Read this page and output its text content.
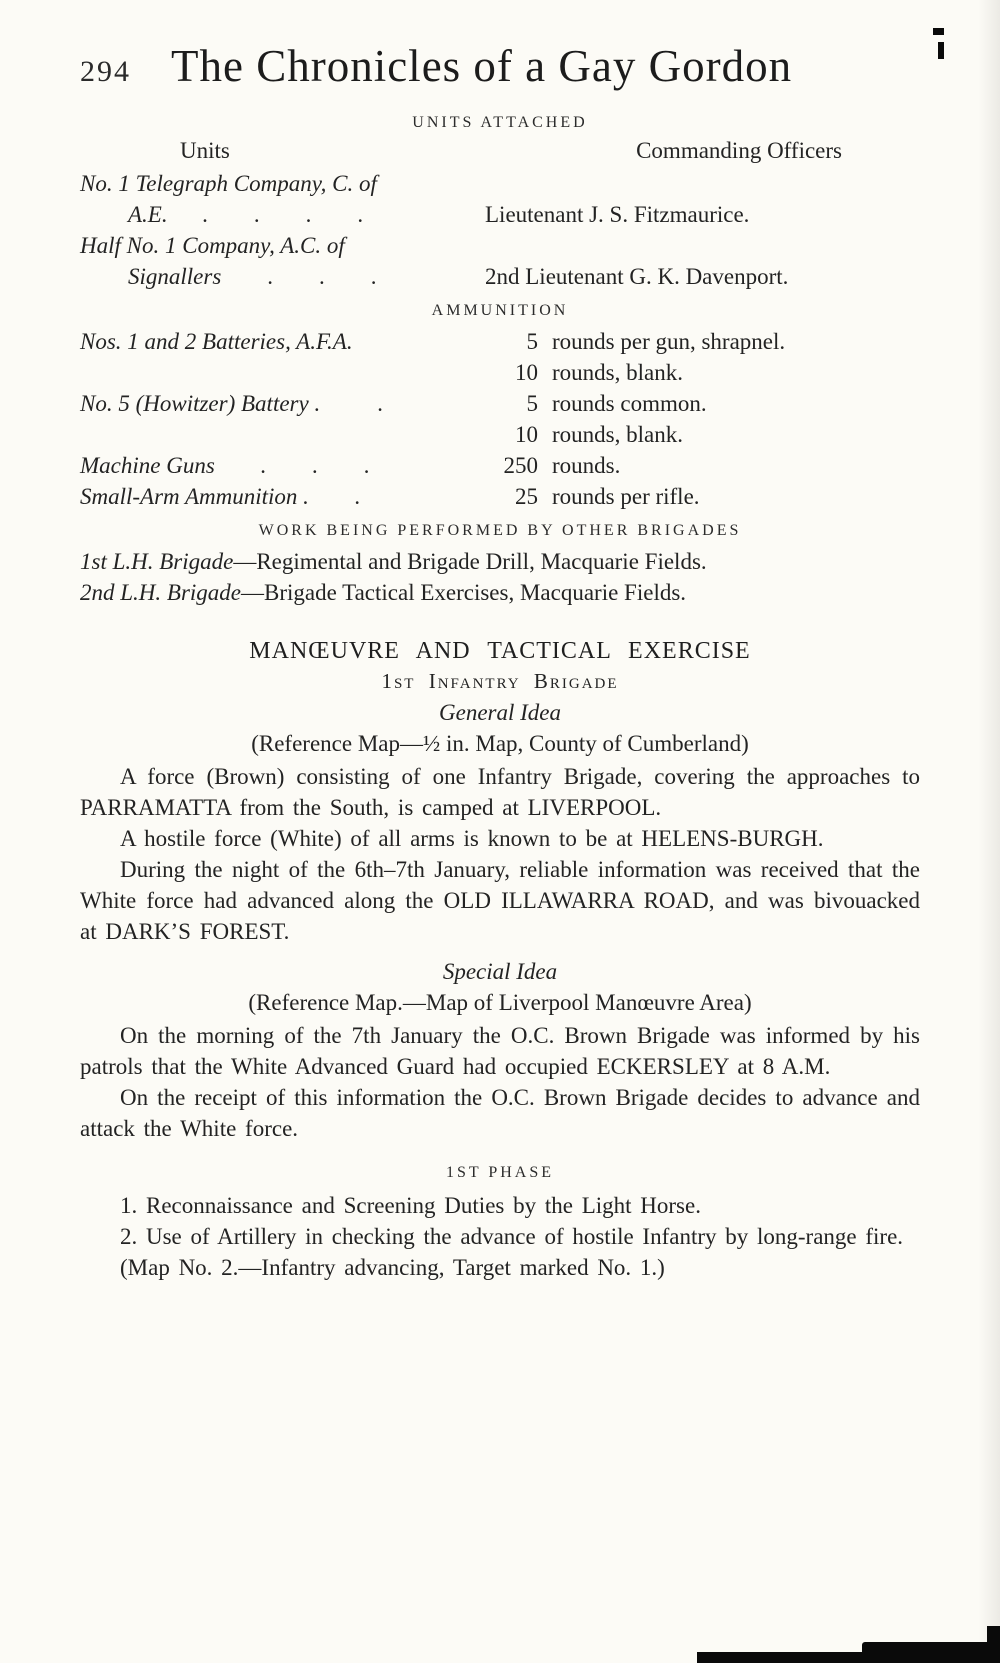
294 The Chronicles of a Gay Gordon
UNITS ATTACHED
Units	Commanding Officers
No. 1 Telegraph Company, C. of
A.E.      .        .        .        .	Lieutenant J. S. Fitzmaurice.
Half No. 1 Company, A.C. of
Signallers        .        .        .	2nd Lieutenant G. K. Davenport.
AMMUNITION
Nos. 1 and 2 Batteries, A.F.A.	5 rounds per gun, shrapnel.
10 rounds, blank.
No. 5 (Howitzer) Battery .          .	5 rounds common.
10 rounds, blank.
Machine Guns        .        .        .	250 rounds.
Small-Arm Ammunition .        .	25 rounds per rifle.
WORK BEING PERFORMED BY OTHER BRIGADES
1st L.H. Brigade—Regimental and Brigade Drill, Macquarie Fields.
2nd L.H. Brigade—Brigade Tactical Exercises, Macquarie Fields.
MANŒUVRE AND TACTICAL EXERCISE
1st Infantry Brigade
General Idea
(Reference Map—½ in. Map, County of Cumberland)

A force (Brown) consisting of one Infantry Brigade, covering the approaches to PARRAMATTA from the South, is camped at LIVERPOOL.

A hostile force (White) of all arms is known to be at HELENS-BURGH.

During the night of the 6th–7th January, reliable information was received that the White force had advanced along the OLD ILLAWARRA ROAD, and was bivouacked at DARK’S FOREST.

Special Idea
(Reference Map.—Map of Liverpool Manœuvre Area)

On the morning of the 7th January the O.C. Brown Brigade was informed by his patrols that the White Advanced Guard had occupied ECKERSLEY at 8 A.M.

On the receipt of this information the O.C. Brown Brigade decides to advance and attack the White force.

1ST PHASE

1. Reconnaissance and Screening Duties by the Light Horse.

2. Use of Artillery in checking the advance of hostile Infantry by long-range fire.

(Map No. 2.—Infantry advancing, Target marked No. 1.)
